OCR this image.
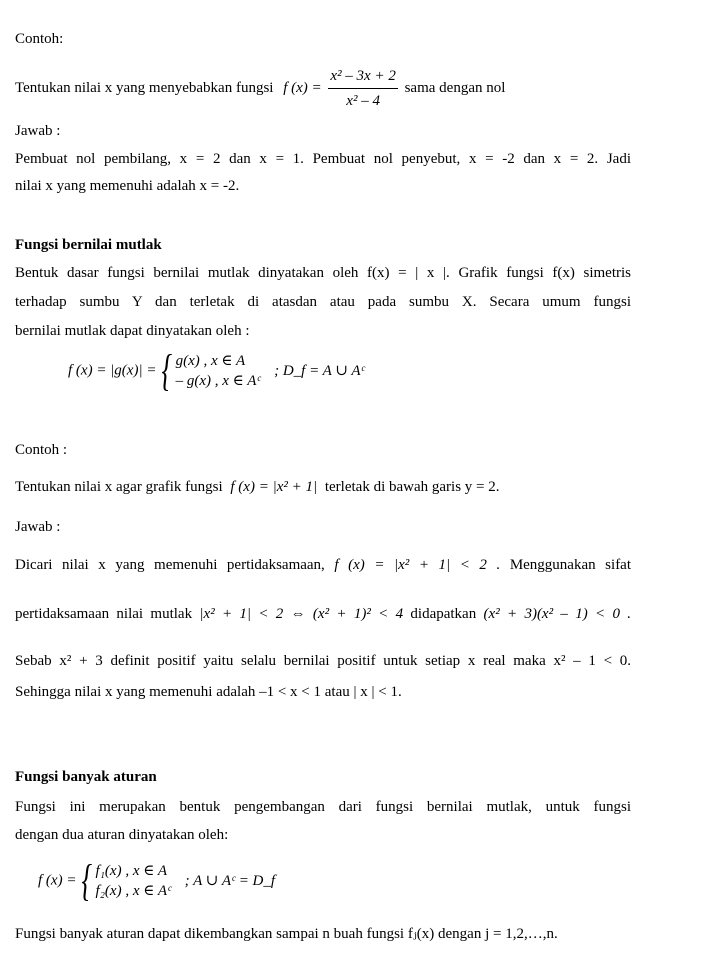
Contoh:
Tentukan nilai x yang menyebabkan fungsi f $(x) = \frac{\text{x² – 3x + 2}}{\text{x² – 4}}$ sama dengan nol
Jawab :
Pembuat nol pembilang, x = 2 dan x = 1. Pembuat nol penyebut, x = -2 dan x = 2. Jadi
nilai x yang memenuhi adalah x = -2.
Fungsi bernilai mutlak
Bentuk dasar fungsi bernilai mutlak dinyatakan oleh f(x) = | x |. Grafik fungsi f(x) simetris
terhadap sumbu Y dan terletak di atasdan atau pada sumbu X. Secara umum fungsi
bernilai mutlak dapat dinyatakan oleh :
f (x) = |g(x)| = { g(x) , x ∈ A
– g(x) , x ∈ Aᶜ
; D_f = A ∪ Aᶜ
Contoh :
Tentukan nilai x agar grafik fungsi f (x) = |x² + 1| terletak di bawah garis y = 2.
Jawab :
Dicari nilai x yang memenuhi pertidaksamaan, f (x) = |x² + 1| < 2 . Menggunakan sifat
pertidaksamaan nilai mutlak |x² + 1| < 2 ⇔ (x² + 1)² < 4 didapatkan (x² + 3)(x² – 1) < 0 .
Sebab x² + 3 definit positif yaitu selalu bernilai positif untuk setiap x real maka x² – 1 < 0.
Sehingga nilai x yang memenuhi adalah –1 < x < 1 atau | x | < 1.
Fungsi banyak aturan
Fungsi ini merupakan bentuk pengembangan dari fungsi bernilai mutlak, untuk fungsi
dengan dua aturan dinyatakan oleh:
f (x) = { f₁(x) , x ∈ A
f₂(x) , x ∈ Aᶜ
; A ∪ Aᶜ = D_f
Fungsi banyak aturan dapat dikembangkan sampai n buah fungsi fⱼ(x) dengan j = 1,2,…,n.
